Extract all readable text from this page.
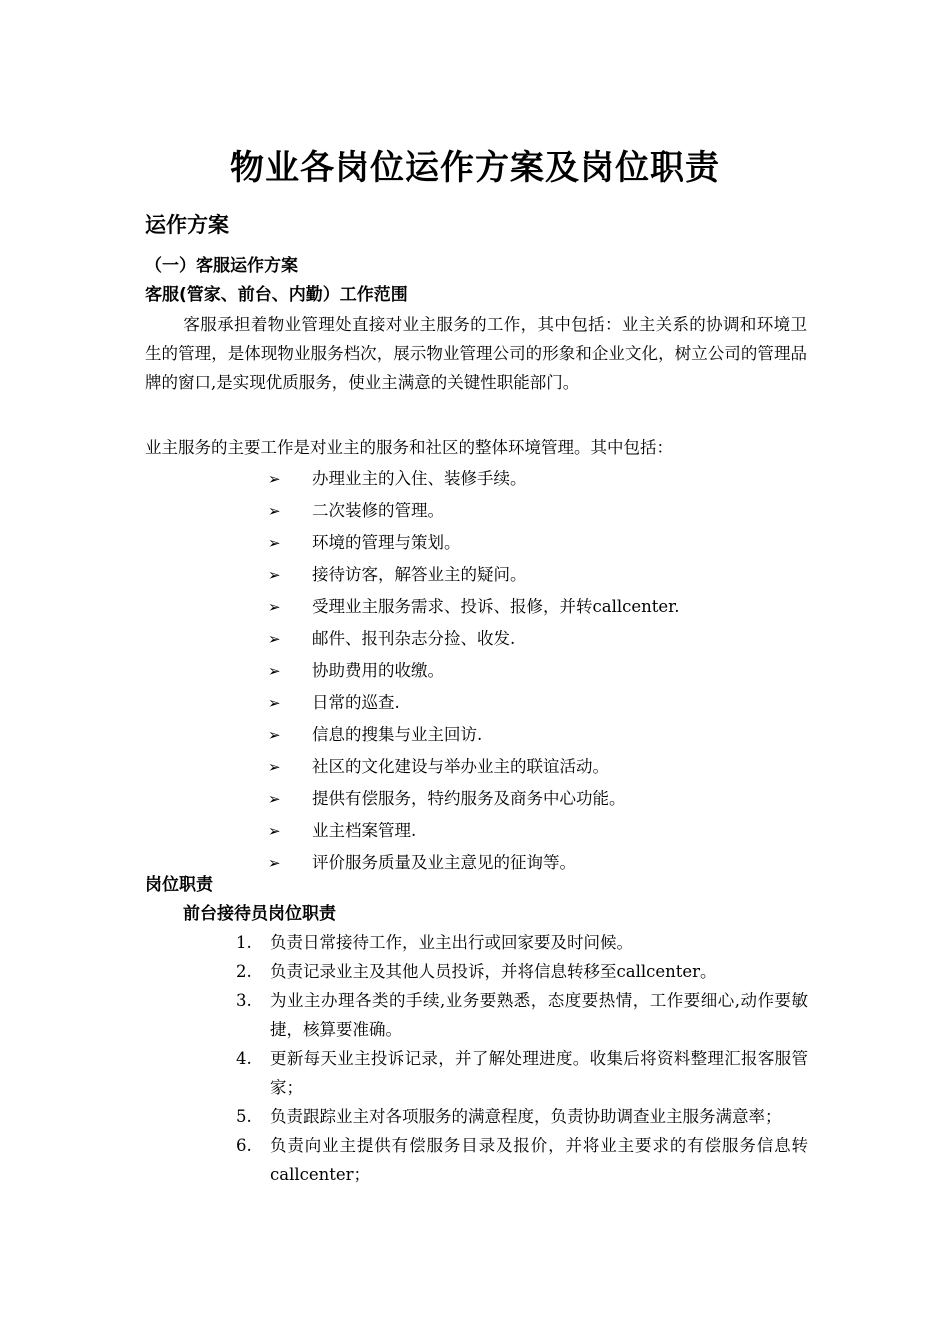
物业各岗位运作方案及岗位职责
运作方案
（一）客服运作方案
客服(管家、前台、内勤）工作范围
客服承担着物业管理处直接对业主服务的工作，其中包括：业主关系的协调和环境卫生的管理，是体现物业服务档次，展示物业管理公司的形象和企业文化，树立公司的管理品牌的窗口,是实现优质服务，使业主满意的关键性职能部门。
业主服务的主要工作是对业主的服务和社区的整体环境管理。其中包括：
➢ 办理业主的入住、装修手续。
➢ 二次装修的管理。
➢ 环境的管理与策划。
➢ 接待访客，解答业主的疑问。
➢ 受理业主服务需求、投诉、报修，并转callcenter.
➢ 邮件、报刊杂志分捡、收发.
➢ 协助费用的收缴。
➢ 日常的巡查.
➢ 信息的搜集与业主回访.
➢ 社区的文化建设与举办业主的联谊活动。
➢ 提供有偿服务，特约服务及商务中心功能。
➢ 业主档案管理.
➢ 评价服务质量及业主意见的征询等。
岗位职责
前台接待员岗位职责
1. 负责日常接待工作，业主出行或回家要及时问候。
2. 负责记录业主及其他人员投诉，并将信息转移至callcenter。
3. 为业主办理各类的手续,业务要熟悉，态度要热情，工作要细心,动作要敏捷，核算要准确。
4. 更新每天业主投诉记录，并了解处理进度。收集后将资料整理汇报客服管家；
5. 负责跟踪业主对各项服务的满意程度，负责协助调查业主服务满意率；
6. 负责向业主提供有偿服务目录及报价，并将业主要求的有偿服务信息转callcenter；
